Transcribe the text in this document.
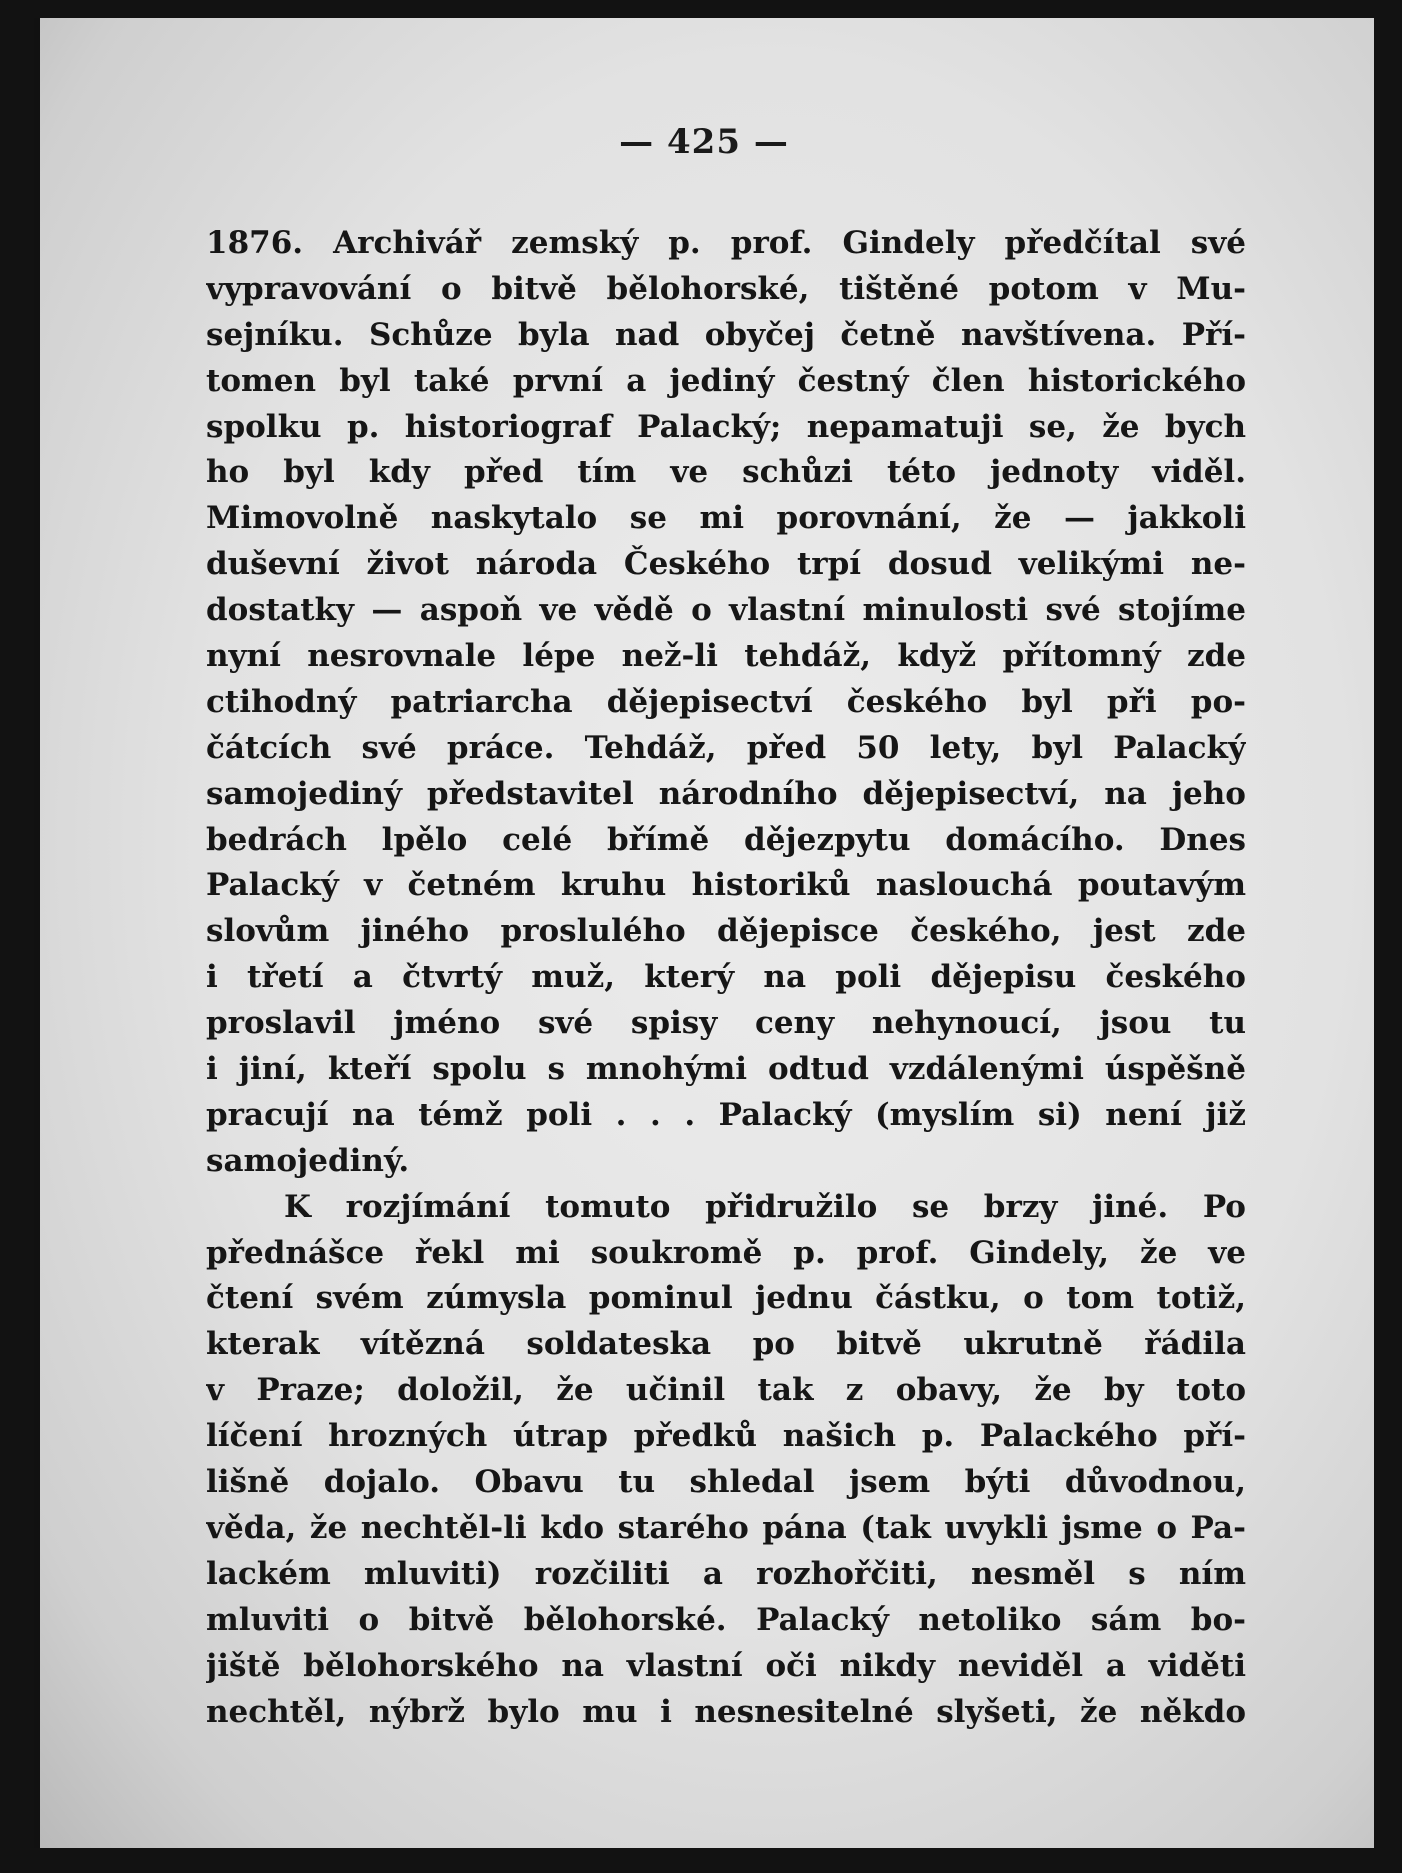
— 425 —
1876. Archivář zemský p. prof. Gindely předčítal své
vypravování o bitvě bělohorské, tištěné potom v Mu-
sejníku. Schůze byla nad obyčej četně navštívena. Pří-
tomen byl také první a jediný čestný člen historického
spolku p. historiograf Palacký; nepamatuji se, že bych
ho byl kdy před tím ve schůzi této jednoty viděl.
Mimovolně naskytalo se mi porovnání, že — jakkoli
duševní život národa Českého trpí dosud velikými ne-
dostatky — aspoň ve vědě o vlastní minulosti své stojíme
nyní nesrovnale lépe než-li tehdáž, když přítomný zde
ctihodný patriarcha dějepisectví českého byl při po-
čátcích své práce. Tehdáž, před 50 lety, byl Palacký
samojediný představitel národního dějepisectví, na jeho
bedrách lpělo celé břímě dějezpytu domácího. Dnes
Palacký v četném kruhu historiků naslouchá poutavým
slovům jiného proslulého dějepisce českého, jest zde
i třetí a čtvrtý muž, který na poli dějepisu českého
proslavil jméno své spisy ceny nehynoucí, jsou tu
i jiní, kteří spolu s mnohými odtud vzdálenými úspěšně
pracují na témž poli . . . Palacký (myslím si) není již
samojediný.
K rozjímání tomuto přidružilo se brzy jiné. Po
přednášce řekl mi soukromě p. prof. Gindely, že ve
čtení svém zúmysla pominul jednu částku, o tom totiž,
kterak vítězná soldateska po bitvě ukrutně řádila
v Praze; doložil, že učinil tak z obavy, že by toto
líčení hrozných útrap předků našich p. Palackého pří-
lišně dojalo. Obavu tu shledal jsem býti důvodnou,
věda, že nechtěl-li kdo starého pána (tak uvykli jsme o Pa-
lackém mluviti) rozčiliti a rozhořčiti, nesměl s ním
mluviti o bitvě bělohorské. Palacký netoliko sám bo-
jiště bělohorského na vlastní oči nikdy neviděl a viděti
nechtěl, nýbrž bylo mu i nesnesitelné slyšeti, že někdo
